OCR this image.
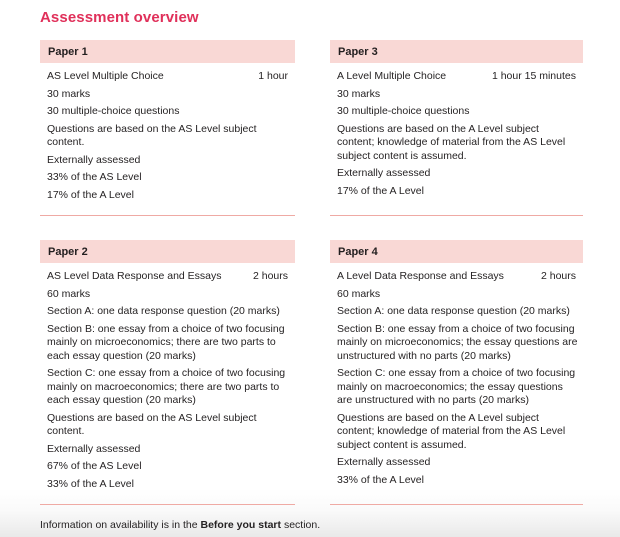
Assessment overview
Paper 1
AS Level Multiple Choice	1 hour

30 marks

30 multiple-choice questions

Questions are based on the AS Level subject content.

Externally assessed

33% of the AS Level

17% of the A Level

Paper 3
A Level Multiple Choice	1 hour 15 minutes

30 marks

30 multiple-choice questions

Questions are based on the A Level subject content; knowledge of material from the AS Level subject content is assumed.

Externally assessed

17% of the A Level

Paper 2
AS Level Data Response and Essays	2 hours

60 marks

Section A: one data response question (20 marks)

Section B: one essay from a choice of two focusing mainly on microeconomics; there are two parts to each essay question (20 marks)

Section C: one essay from a choice of two focusing mainly on macroeconomics; there are two parts to each essay question (20 marks)

Questions are based on the AS Level subject content.

Externally assessed

67% of the AS Level

33% of the A Level

Paper 4
A Level Data Response and Essays	2 hours

60 marks

Section A: one data response question (20 marks)

Section B: one essay from a choice of two focusing mainly on microeconomics; the essay questions are unstructured with no parts (20 marks)

Section C: one essay from a choice of two focusing mainly on macroeconomics; the essay questions are unstructured with no parts (20 marks)

Questions are based on the A Level subject content; knowledge of material from the AS Level subject content is assumed.

Externally assessed

33% of the A Level

Information on availability is in the Before you start section.
